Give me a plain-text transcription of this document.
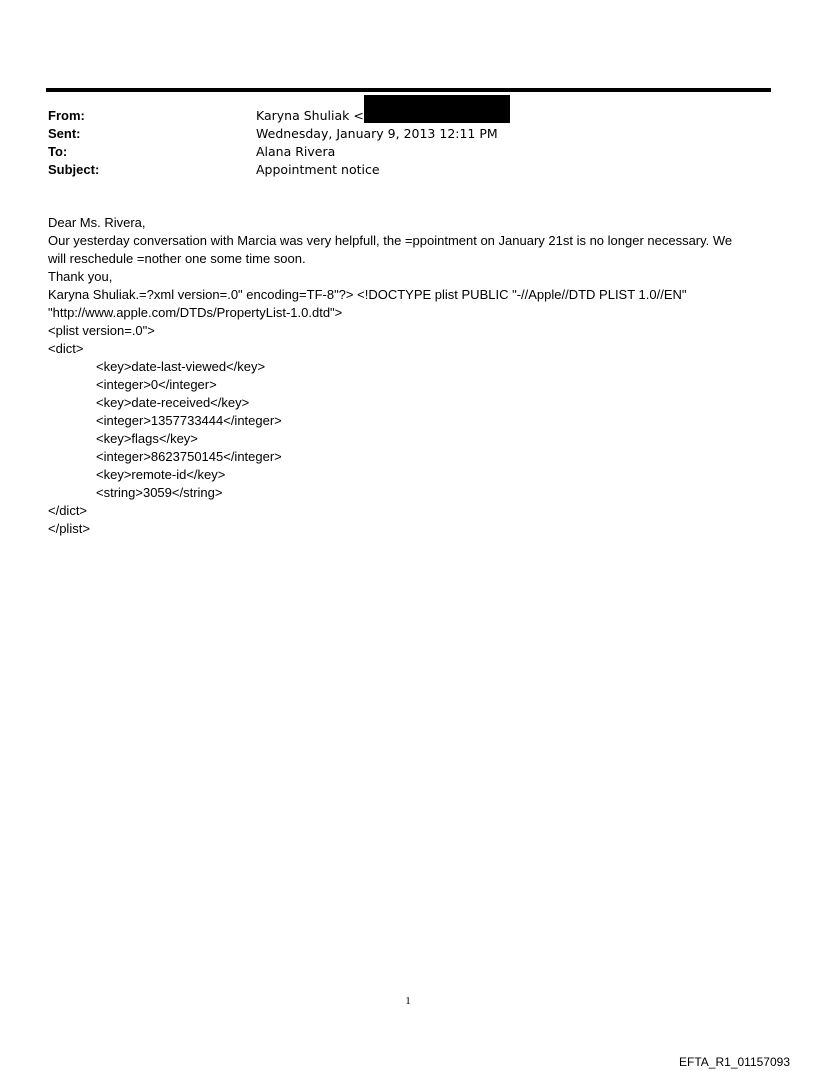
From:	Karyna Shuliak <
Sent:	Wednesday, January 9, 2013 12:11 PM
To:	Alana Rivera
Subject:	Appointment notice
Dear Ms. Rivera,
Our yesterday conversation with Marcia was very helpfull, the =ppointment on January 21st is no longer necessary. We
will reschedule =nother one some time soon.
Thank you,
Karyna Shuliak.=?xml version=.0" encoding=TF-8"?> <!DOCTYPE plist PUBLIC "-//Apple//DTD PLIST 1.0//EN"
"http://www.apple.com/DTDs/PropertyList-1.0.dtd">
<plist version=.0">
<dict>
<key>date-last-viewed</key>
<integer>0</integer>
<key>date-received</key>
<integer>1357733444</integer>
<key>flags</key>
<integer>8623750145</integer>
<key>remote-id</key>
<string>3059</string>
</dict>
</plist>
1
EFTA_R1_01157093
